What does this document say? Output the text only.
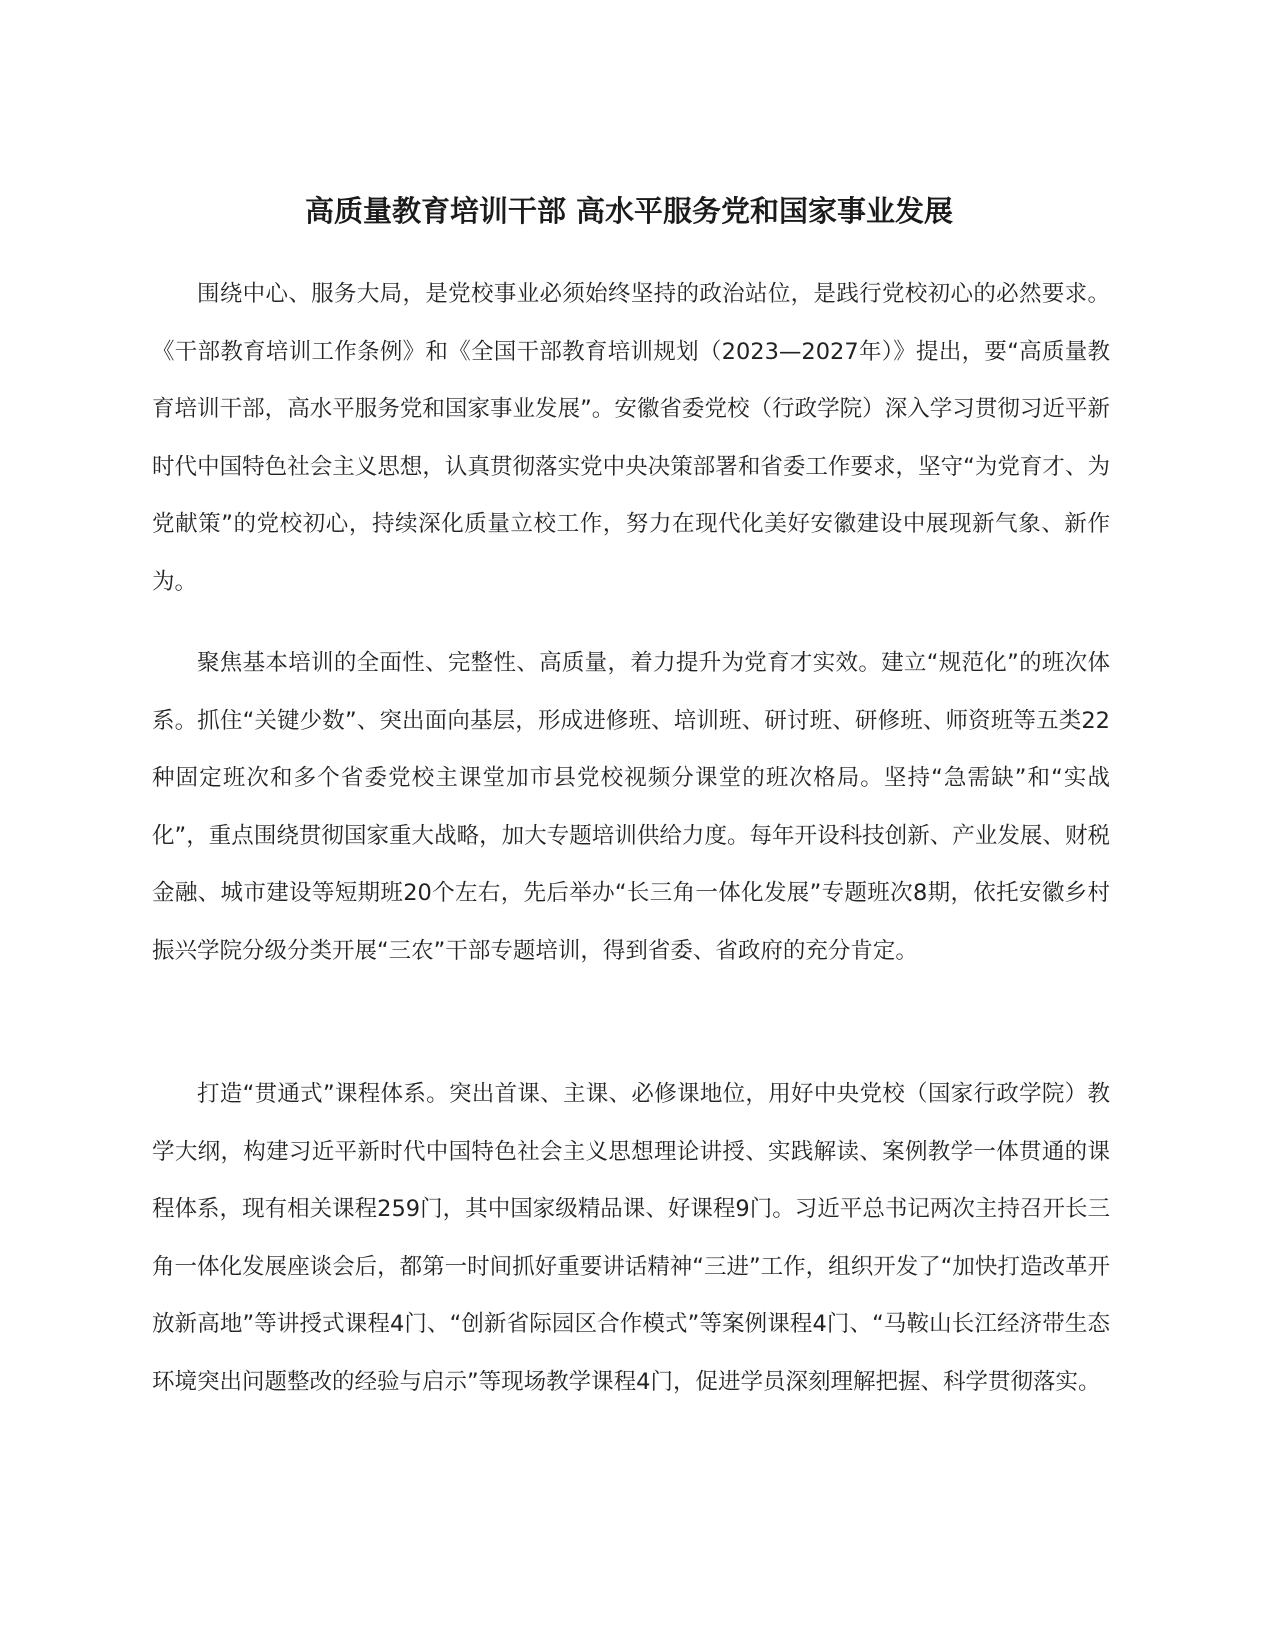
高质量教育培训干部 高水平服务党和国家事业发展

围绕中心、服务大局，是党校事业必须始终坚持的政治站位，是践行党校初心的必然要求。《干部教育培训工作条例》和《全国干部教育培训规划（2023—2027年）》提出，要“高质量教育培训干部，高水平服务党和国家事业发展”。安徽省委党校（行政学院）深入学习贯彻习近平新时代中国特色社会主义思想，认真贯彻落实党中央决策部署和省委工作要求，坚守“为党育才、为党献策”的党校初心，持续深化质量立校工作，努力在现代化美好安徽建设中展现新气象、新作为。

聚焦基本培训的全面性、完整性、高质量，着力提升为党育才实效。建立“规范化”的班次体系。抓住“关键少数”、突出面向基层，形成进修班、培训班、研讨班、研修班、师资班等五类22种固定班次和多个省委党校主课堂加市县党校视频分课堂的班次格局。坚持“急需缺”和“实战化”，重点围绕贯彻国家重大战略，加大专题培训供给力度。每年开设科技创新、产业发展、财税金融、城市建设等短期班20个左右，先后举办“长三角一体化发展”专题班次8期，依托安徽乡村振兴学院分级分类开展“三农”干部专题培训，得到省委、省政府的充分肯定。

打造“贯通式”课程体系。突出首课、主课、必修课地位，用好中央党校（国家行政学院）教学大纲，构建习近平新时代中国特色社会主义思想理论讲授、实践解读、案例教学一体贯通的课程体系，现有相关课程259门，其中国家级精品课、好课程9门。习近平总书记两次主持召开长三角一体化发展座谈会后，都第一时间抓好重要讲话精神“三进”工作，组织开发了“加快打造改革开放新高地”等讲授式课程4门、“创新省际园区合作模式”等案例课程4门、“马鞍山长江经济带生态环境突出问题整改的经验与启示”等现场教学课程4门，促进学员深刻理解把握、科学贯彻落实。
